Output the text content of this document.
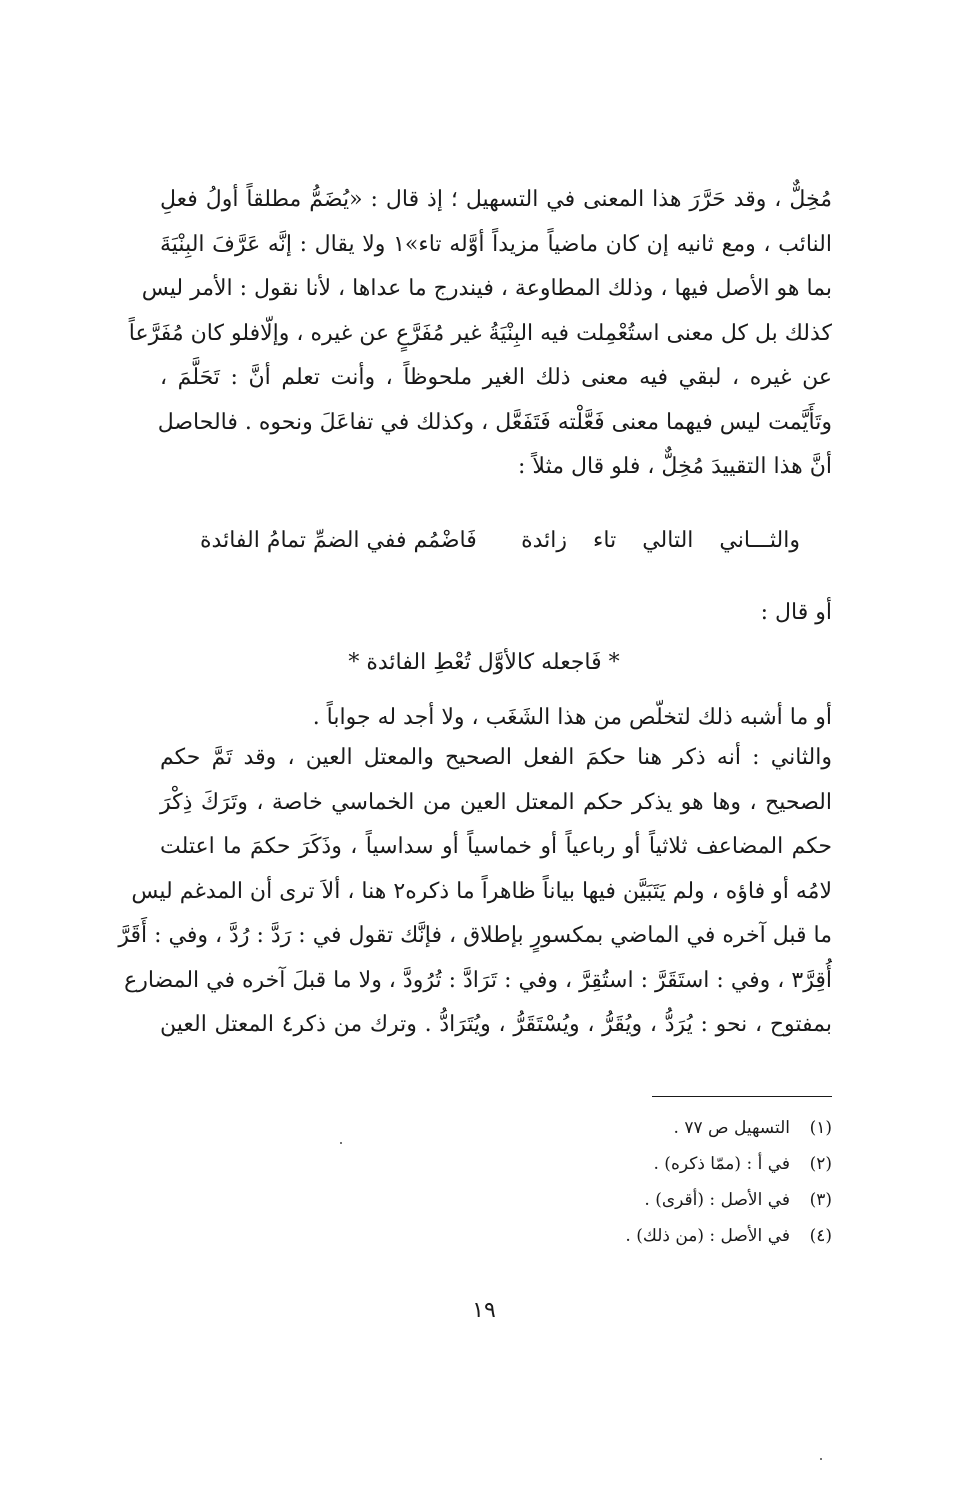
مُخِلٌّ ، وقد حَرَّرَ هذا المعنى في التسهيل ؛ إذ قال : «يُضَمُّ مطلقاً أولُ فعلِ
النائب ، ومع ثانيه إن كان ماضياً مزيداً أوَّله تاء»١ ولا يقال : إنَّه عَرَّفَ البِنْيَةَ
بما هو الأصل فيها ، وذلك المطاوعة ، فيندرج ما عداها ، لأنا نقول : الأمر ليس
كذلك بل كل معنى استُعْمِلت فيه البِنْيَةُ غير مُفَرَّعٍ عن غيره ، وإلّافلو كان مُفَرَّعاً
عن غيره ، لبقي فيه معنى ذلك الغير ملحوظاً ، وأنت تعلم أنَّ : تَحَلَّمَ ،
وتَأَيَّمت ليس فيهما معنى فَعَّلْته فَتَفَعَّل ، وكذلك في تفاعَلَ ونحوه . فالحاصل
أنَّ هذا التقييدَ مُخِلٌّ ، فلو قال مثلاً :
والثـــاني
التالي
تاء
زائدة
فَاضْمُم ففي الضمِّ تمامُ الفائدة
أو قال :
* فَاجعله كالأوَّل تُعْطِ الفائدة *
أو ما أشبه ذلك لتخلّص من هذا الشَغَب ، ولا أجد له جواباً .
والثاني : أنه ذكر هنا حكمَ الفعل الصحيح والمعتل العين ، وقد تَمَّ حكم
الصحيح ، وها هو يذكر حكم المعتل العين من الخماسي خاصة ، وتَرَكَ ذِكْرَ
حكم المضاعف ثلاثياً أو رباعياً أو خماسياً أو سداسياً ، وذَكَرَ حكمَ ما اعتلت
لامُه أو فاؤه ، ولم يَتَبَيَّن فيها بياناً ظاهراً ما ذكره٢ هنا ، ألاَ ترى أن المدغم ليس
ما قبل آخره في الماضي بمكسورٍ بإطلاق ، فإنَّك تقول في : رَدَّ : رُدَّ ، وفي : أَقَرَّ
أُقِرَّ٣ ، وفي : استَقَرَّ : استُقِرَّ ، وفي : تَرَادَّ : تُرُودَّ ، ولا ما قبلَ آخره في المضارع
بمفتوح ، نحو : يُرَدُّ ، ويُقَرُّ ، ويُسْتَقَرُّ ، ويُتَرَادُّ . وترك من ذكر٤ المعتل العين
(١)
التسهيل ص ٧٧ .
(٢)
في أ : (ممّا ذكره) .
(٣)
في الأصل : (أقرى) .
(٤)
في الأصل : (من ذلك) .
١٩
